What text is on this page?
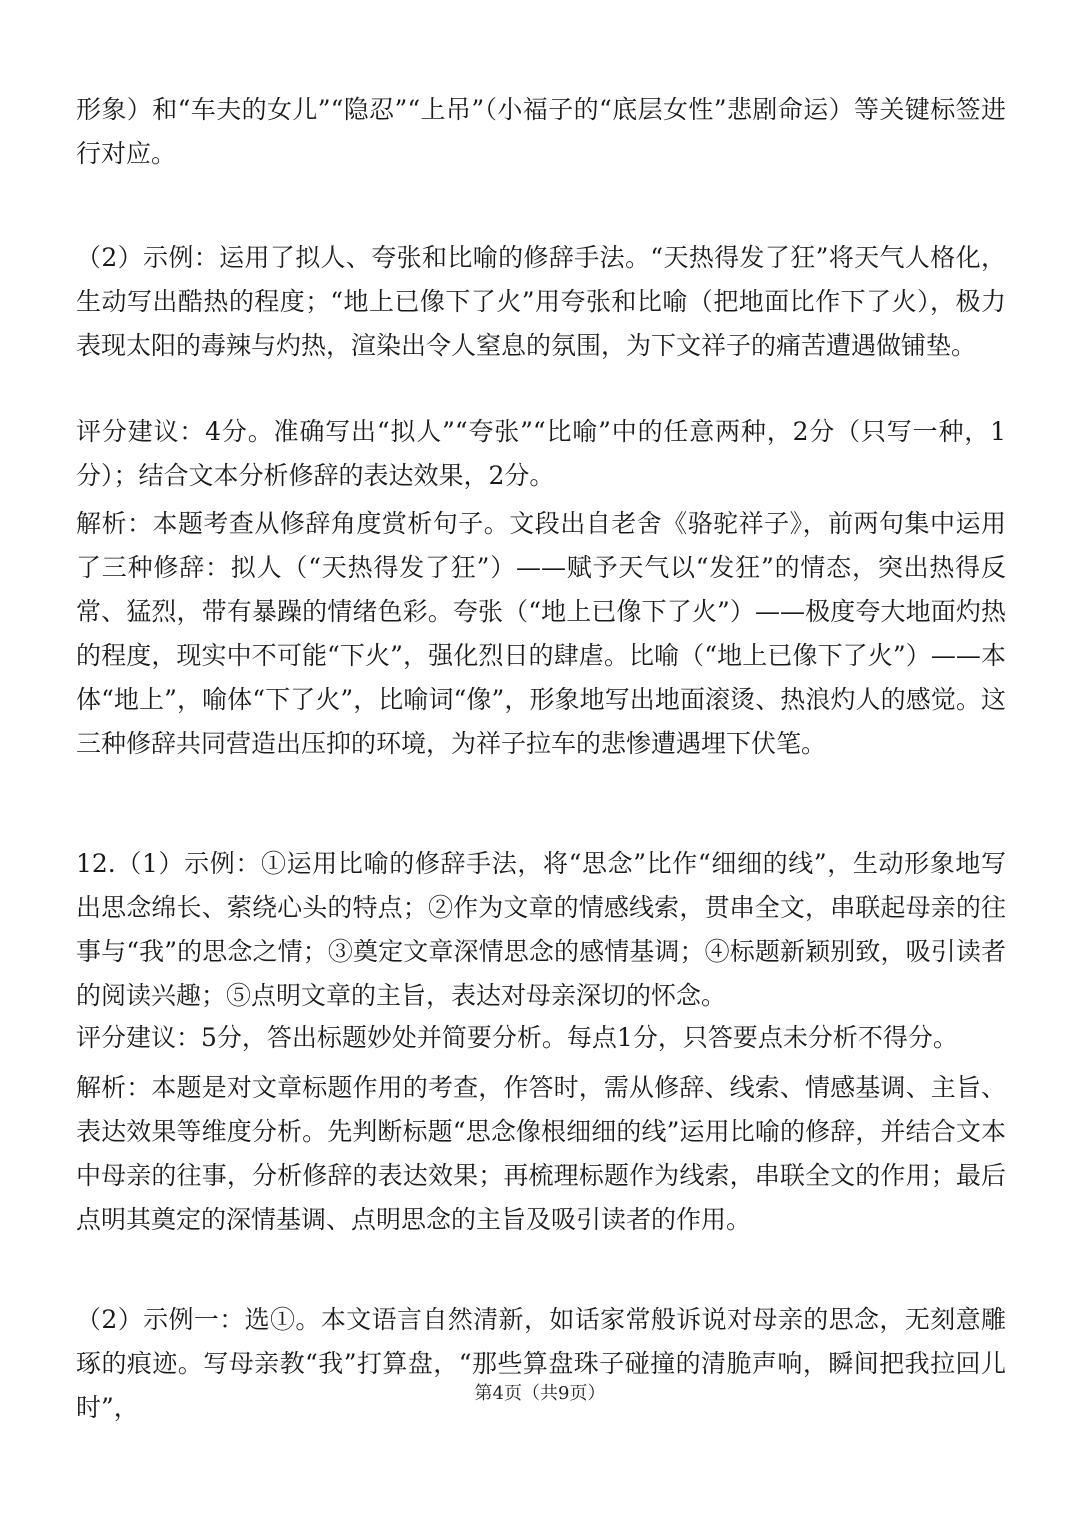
形象）和“车夫的女儿”“隐忍”“上吊”（小福子的“底层女性”悲剧命运）等关键标签进行对应。

（2）示例：运用了拟人、夸张和比喻的修辞手法。“天热得发了狂”将天气人格化，生动写出酷热的程度；“地上已像下了火”用夸张和比喻（把地面比作下了火），极力表现太阳的毒辣与灼热，渲染出令人窒息的氛围，为下文祥子的痛苦遭遇做铺垫。

评分建议：4分。准确写出“拟人”“夸张”“比喻”中的任意两种，2分（只写一种，1分）；结合文本分析修辞的表达效果，2分。

解析：本题考查从修辞角度赏析句子。文段出自老舍《骆驼祥子》，前两句集中运用了三种修辞：拟人（“天热得发了狂”）——赋予天气以“发狂”的情态，突出热得反常、猛烈，带有暴躁的情绪色彩。夸张（“地上已像下了火”）——极度夸大地面灼热的程度，现实中不可能“下火”，强化烈日的肆虐。比喻（“地上已像下了火”）——本体“地上”，喻体“下了火”，比喻词“像”，形象地写出地面滚烫、热浪灼人的感觉。这三种修辞共同营造出压抑的环境，为祥子拉车的悲惨遭遇埋下伏笔。

12.（1）示例：①运用比喻的修辞手法，将“思念”比作“细细的线”，生动形象地写出思念绵长、萦绕心头的特点；②作为文章的情感线索，贯串全文，串联起母亲的往事与“我”的思念之情；③奠定文章深情思念的感情基调；④标题新颖别致，吸引读者的阅读兴趣；⑤点明文章的主旨，表达对母亲深切的怀念。

评分建议：5分，答出标题妙处并简要分析。每点1分，只答要点未分析不得分。

解析：本题是对文章标题作用的考查，作答时，需从修辞、线索、情感基调、主旨、表达效果等维度分析。先判断标题“思念像根细细的线”运用比喻的修辞，并结合文本中母亲的往事，分析修辞的表达效果；再梳理标题作为线索，串联全文的作用；最后点明其奠定的深情基调、点明思念的主旨及吸引读者的作用。

（2）示例一：选①。本文语言自然清新，如话家常般诉说对母亲的思念，无刻意雕琢的痕迹。写母亲教“我”打算盘，“那些算盘珠子碰撞的清脆声响，瞬间把我拉回儿时”，	第4页（共9页）
